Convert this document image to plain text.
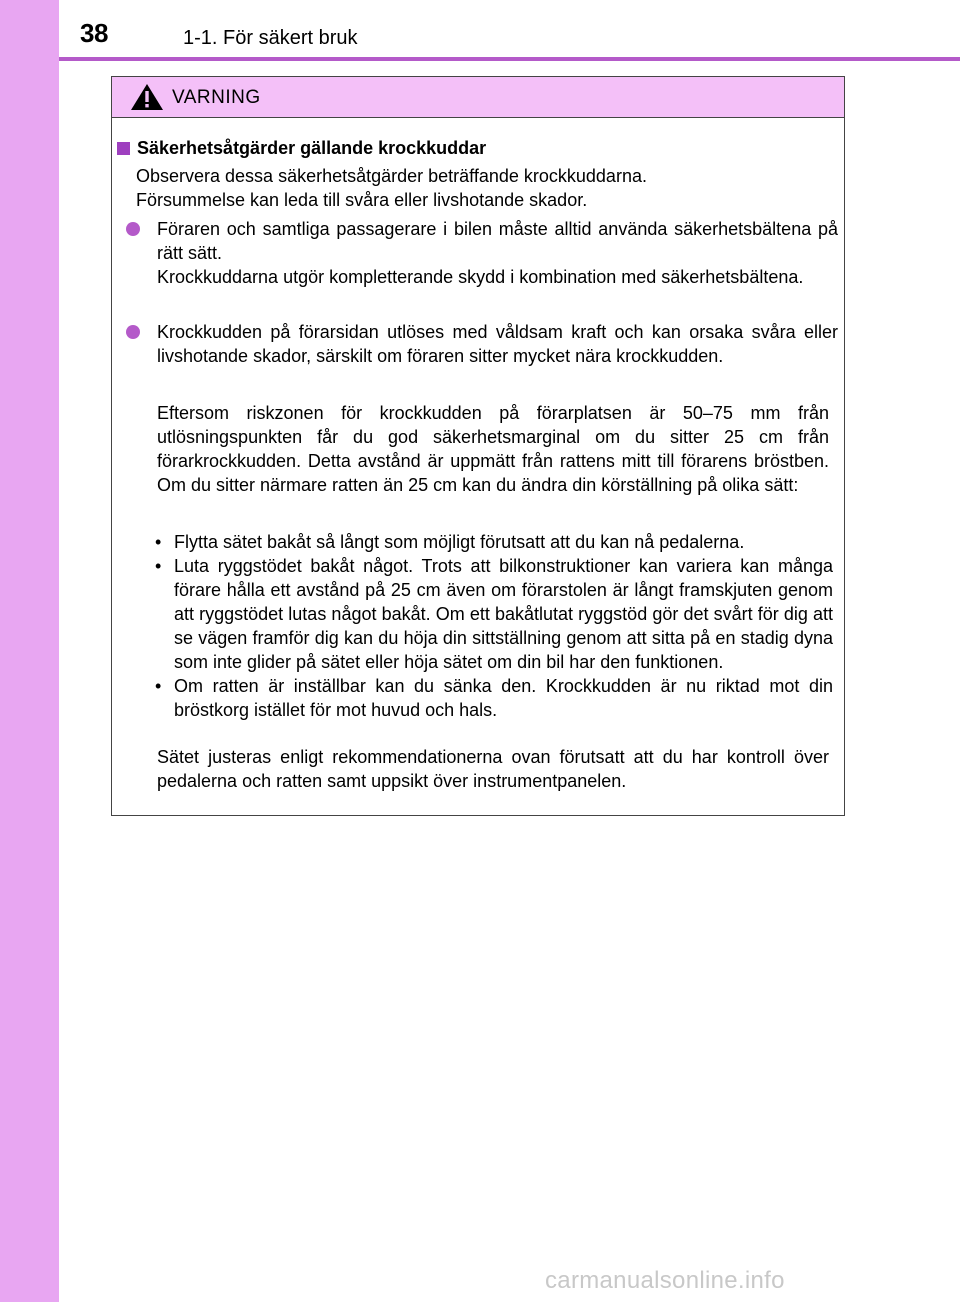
38	1-1. För säkert bruk
VARNING
Säkerhetsåtgärder gällande krockkuddar
Observera dessa säkerhetsåtgärder beträffande krockkuddarna.
Försummelse kan leda till svåra eller livshotande skador.
Föraren och samtliga passagerare i bilen måste alltid använda säkerhetsbältena på rätt sätt.
Krockkuddarna utgör kompletterande skydd i kombination med säkerhetsbältena.
Krockkudden på förarsidan utlöses med våldsam kraft och kan orsaka svåra eller livshotande skador, särskilt om föraren sitter mycket nära krockkudden.
Eftersom riskzonen för krockkudden på förarplatsen är 50–75 mm från utlösningspunkten får du god säkerhetsmarginal om du sitter 25 cm från förarkrockkudden. Detta avstånd är uppmätt från rattens mitt till förarens bröstben. Om du sitter närmare ratten än 25 cm kan du ändra din körställning på olika sätt:
• Flytta sätet bakåt så långt som möjligt förutsatt att du kan nå pedalerna.
• Luta ryggstödet bakåt något. Trots att bilkonstruktioner kan variera kan många förare hålla ett avstånd på 25 cm även om förarstolen är långt framskjuten genom att ryggstödet lutas något bakåt. Om ett bakåtlutat ryggstöd gör det svårt för dig att se vägen framför dig kan du höja din sittställning genom att sitta på en stadig dyna som inte glider på sätet eller höja sätet om din bil har den funktionen.
• Om ratten är inställbar kan du sänka den. Krockkudden är nu riktad mot din bröstkorg istället för mot huvud och hals.
Sätet justeras enligt rekommendationerna ovan förutsatt att du har kontroll över pedalerna och ratten samt uppsikt över instrumentpanelen.
carmanualsonline.info
